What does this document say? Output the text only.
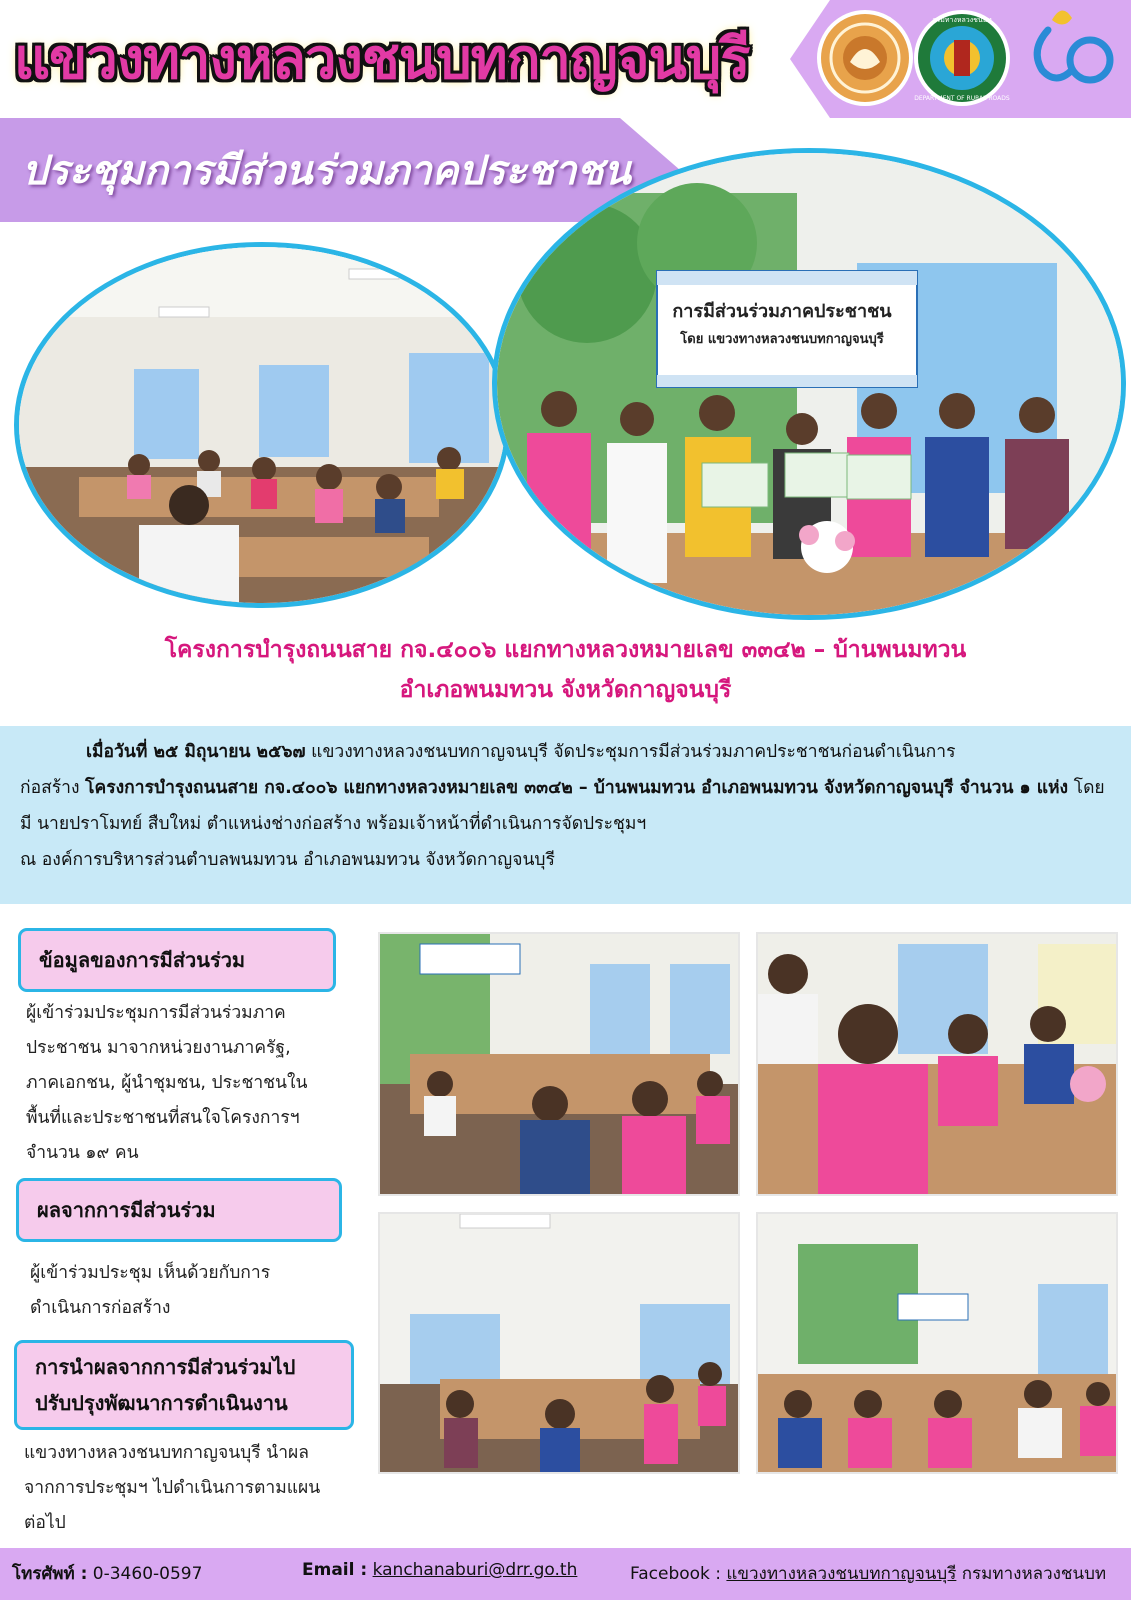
แขวงทางหลวงชนบทกาญจนบุรี
กรมทางหลวงชนบท
DEPARTMENT OF RURAL ROADS
ประชุมการมีส่วนร่วมภาคประชาชน
การมีส่วนร่วมภาคประชาชน
โดย แขวงทางหลวงชนบทกาญจนบุรี
โครงการบำรุงถนนสาย กจ.๔๐๐๖ แยกทางหลวงหมายเลข ๓๓๔๒ – บ้านพนมทวน
อำเภอพนมทวน จังหวัดกาญจนบุรี

เมื่อวันที่ ๒๕ มิถุนายน ๒๕๖๗ แขวงทางหลวงชนบทกาญจนบุรี จัดประชุมการมีส่วนร่วมภาคประชาชนก่อนดำเนินการ

ก่อสร้าง โครงการบำรุงถนนสาย กจ.๔๐๐๖ แยกทางหลวงหมายเลข ๓๓๔๒ – บ้านพนมทวน อำเภอพนมทวน จังหวัดกาญจนบุรี จำนวน ๑ แห่ง โดยมี นายปราโมทย์ สืบใหม่ ตำแหน่งช่างก่อสร้าง พร้อมเจ้าหน้าที่ดำเนินการจัดประชุมฯ

ณ องค์การบริหารส่วนตำบลพนมทวน อำเภอพนมทวน จังหวัดกาญจนบุรี

ข้อมูลของการมีส่วนร่วม
ผู้เข้าร่วมประชุมการมีส่วนร่วมภาค
ประชาชน มาจากหน่วยงานภาครัฐ,
ภาคเอกชน, ผู้นำชุมชน, ประชาชนใน
พื้นที่และประชาชนที่สนใจโครงการฯ
จำนวน ๑๙ คน
ผลจากการมีส่วนร่วม
ผู้เข้าร่วมประชุม เห็นด้วยกับการ
ดำเนินการก่อสร้าง
การนำผลจากการมีส่วนร่วมไป
ปรับปรุงพัฒนาการดำเนินงาน
แขวงทางหลวงชนบทกาญจนบุรี นำผล
จากการประชุมฯ ไปดำเนินการตามแผน
ต่อไป
โทรศัพท์ : 0-3460-0597	Email : kanchanaburi@drr.go.th	Facebook : แขวงทางหลวงชนบทกาญจนบุรี กรมทางหลวงชนบท
